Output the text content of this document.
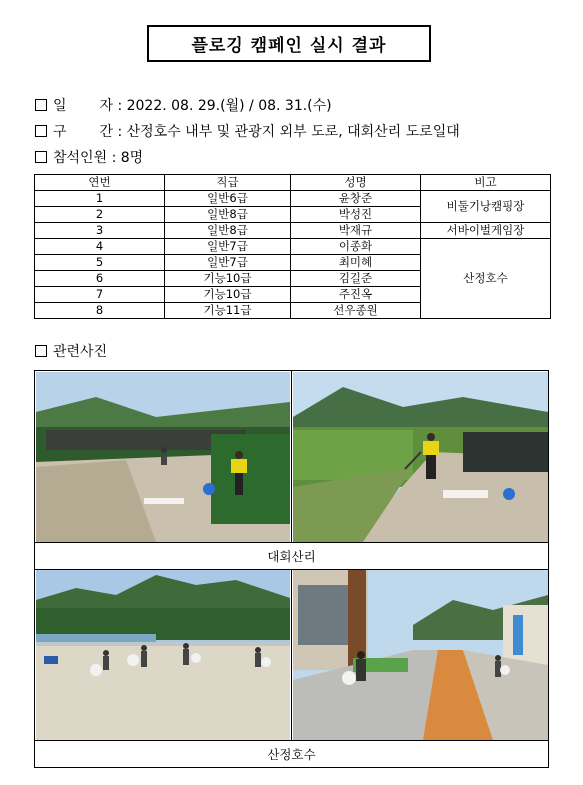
플로깅 캠페인 실시 결과
일 자 : 2022. 08. 29.(월) / 08. 31.(수)
구 간 : 산정호수 내부 및 관광지 외부 도로, 대회산리 도로일대
참석인원 : 8명
연번	직급	성명	비고
1	일반6급	윤창준	비둘기낭캠핑장
2	일반8급	박성진	
3	일반8급	박재규	서바이벌게임장
4	일반7급	이종화	산정호수
5	일반7급	최미혜	
6	기능10급	김길준	
7	기능10급	주진옥	
8	기능11급	선우종원	
관련사진
대회산리
산정호수
